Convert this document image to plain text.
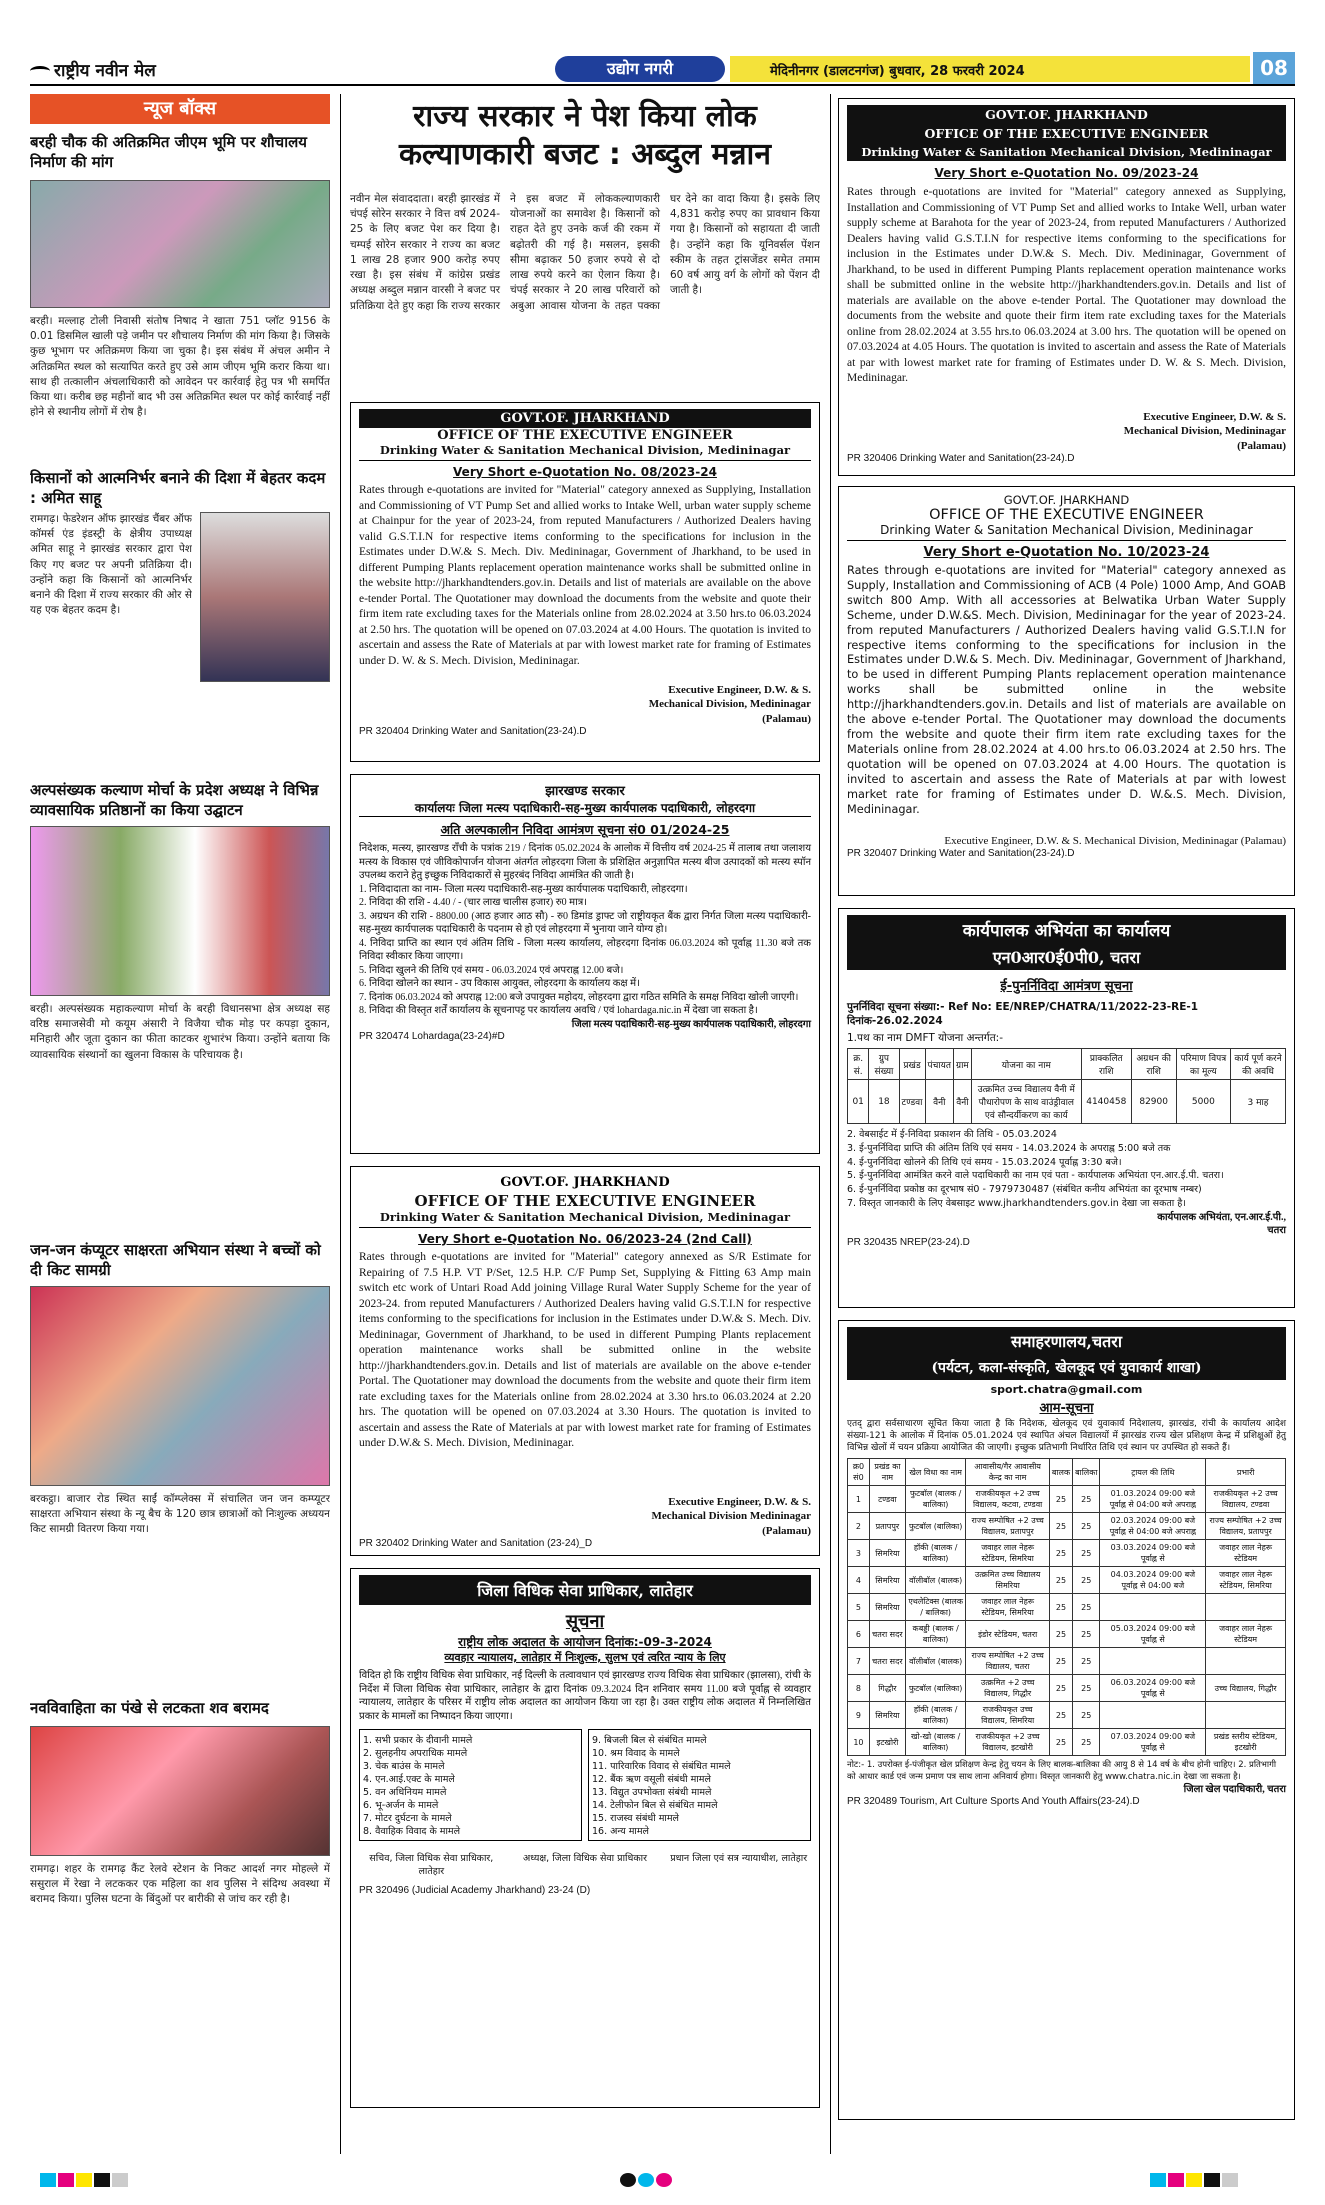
राष्ट्रीय नवीन मेल	उद्योग नगरी	मेदिनीनगर (डालटनगंज) बुधवार, 28 फरवरी 2024	08
न्यूज बॉक्स
बरही चौक की अतिक्रमित जीएम भूमि पर शौचालय निर्माण की मांग
बरही। मल्लाह टोली निवासी संतोष निषाद ने खाता 751 प्लॉट 9156 के 0.01 डिसमिल खाली पड़े जमीन पर शौचालय निर्माण की मांग किया है। जिसके कुछ भूभाग पर अतिक्रमण किया जा चुका है। इस संबंध में अंचल अमीन ने अतिक्रमित स्थल को सत्यापित करते हुए उसे आम जीएम भूमि करार किया था। साथ ही तत्कालीन अंचलाधिकारी को आवेदन पर कार्रवाई हेतु पत्र भी समर्पित किया था। करीब छह महीनों बाद भी उस अतिक्रमित स्थल पर कोई कार्रवाई नहीं होने से स्थानीय लोगों में रोष है।
किसानों को आत्मनिर्भर बनाने की दिशा में बेहतर कदम : अमित साहू
रामगढ़। फेडरेशन ऑफ झारखंड चैंबर ऑफ कॉमर्स एंड इंडस्ट्री के क्षेत्रीय उपाध्यक्ष अमित साहू ने झारखंड सरकार द्वारा पेश किए गए बजट पर अपनी प्रतिक्रिया दी। उन्होंने कहा कि किसानों को आत्मनिर्भर बनाने की दिशा में राज्य सरकार की ओर से यह एक बेहतर कदम है।
अल्पसंख्यक कल्याण मोर्चा के प्रदेश अध्यक्ष ने विभिन्न व्यावसायिक प्रतिष्ठानों का किया उद्घाटन
बरही। अल्पसंख्यक महाकल्याण मोर्चा के बरही विधानसभा क्षेत्र अध्यक्ष सह वरिष्ठ समाजसेवी मो कयूम अंसारी ने विजैया चौक मोड़ पर कपड़ा दुकान, मनिहारी और जूता दुकान का फीता काटकर शुभारंभ किया। उन्होंने बताया कि व्यावसायिक संस्थानों का खुलना विकास के परिचायक है।
जन-जन कंप्यूटर साक्षरता अभियान संस्था ने बच्चों को दी किट सामग्री
बरकट्ठा। बाजार रोड स्थित साईं कॉम्प्लेक्स में संचालित जन जन कम्प्यूटर साक्षरता अभियान संस्था के न्यू बैच के 120 छात्र छात्राओं को निःशुल्क अध्ययन किट सामग्री वितरण किया गया।
नवविवाहिता का पंखे से लटकता शव बरामद
रामगढ़। शहर के रामगढ़ कैंट रेलवे स्टेशन के निकट आदर्श नगर मोहल्ले में ससुराल में रेखा ने लटककर एक महिला का शव पुलिस ने संदिग्ध अवस्था में बरामद किया। पुलिस घटना के बिंदुओं पर बारीकी से जांच कर रही है।
राज्य सरकार ने पेश किया लोक कल्याणकारी बजट : अब्दुल मन्नान
नवीन मेल संवाददाता। बरही झारखंड में चंपई सोरेन सरकार ने वित्त वर्ष 2024-25 के लिए बजट पेश कर दिया है। चम्पई सोरेन सरकार ने राज्य का बजट 1 लाख 28 हजार 900 करोड़ रुपए रखा है। इस संबंध में कांग्रेस प्रखंड अध्यक्ष अब्दुल मन्नान वारसी ने बजट पर प्रतिक्रिया देते हुए कहा कि राज्य सरकार ने इस बजट में लोककल्याणकारी योजनाओं का समावेश है। किसानों को राहत देते हुए उनके कर्ज की रकम में बढ़ोतरी की गई है। मसलन, इसकी सीमा बढ़ाकर 50 हजार रुपये से दो लाख रुपये करने का ऐलान किया है। चंपई सरकार ने 20 लाख परिवारों को अबुआ आवास योजना के तहत पक्का घर देने का वादा किया है। इसके लिए 4,831 करोड़ रुपए का प्रावधान किया गया है। किसानों को सहायता दी जाती है। उन्होंने कहा कि यूनिवर्सल पेंशन स्कीम के तहत ट्रांसजेंडर समेत तमाम 60 वर्ष आयु वर्ग के लोगों को पेंशन दी जाती है।
GOVT.OF. JHARKHAND
OFFICE OF THE EXECUTIVE ENGINEER
Drinking Water & Sanitation Mechanical Division, Medininagar
Very Short e-Quotation No. 08/2023-24
Rates through e-quotations are invited for "Material" category annexed as Supplying, Installation and Commissioning of VT Pump Set and allied works to Intake Well, urban water supply scheme at Chainpur for the year of 2023-24, from reputed Manufacturers / Authorized Dealers having valid G.S.T.I.N for respective items conforming to the specifications for inclusion in the Estimates under D.W.& S. Mech. Div. Medininagar, Government of Jharkhand, to be used in different Pumping Plants replacement operation maintenance works shall be submitted online in the website http://jharkhandtenders.gov.in. Details and list of materials are available on the above e-tender Portal. The Quotationer may download the documents from the website and quote their firm item rate excluding taxes for the Materials online from 28.02.2024 at 3.50 hrs.to 06.03.2024 at 2.50 hrs. The quotation will be opened on 07.03.2024 at 4.00 Hours. The quotation is invited to ascertain and assess the Rate of Materials at par with lowest market rate for framing of Estimates under D. W. & S. Mech. Division, Medininagar.
Executive Engineer, D.W. & S. Mechanical Division, Medininagar (Palamau)
PR 320404 Drinking Water and Sanitation(23-24).D
झारखण्ड सरकार
कार्यालयः जिला मत्स्य पदाधिकारी-सह-मुख्य कार्यपालक पदाधिकारी, लोहरदगा
अति अल्पकालीन निविदा आमंत्रण सूचना सं0 01/2024-25
निदेशक, मत्स्य, झारखण्ड राँची के पत्रांक 219 / दिनांक 05.02.2024 के आलोक में वित्तीय वर्ष 2024-25 में तालाब तथा जलाशय मत्स्य के विकास एवं जीविकोपार्जन योजना अंतर्गत लोहरदगा जिला के प्रशिक्षित अनुज्ञापित मत्स्य बीज उत्पादकों को मत्स्य स्पॉन उपलब्ध कराने हेतु इच्छुक निविदाकारों से मुहरबंद निविदा आमंत्रित की जाती है।
1. निविदादाता का नाम- जिला मत्स्य पदाधिकारी-सह-मुख्य कार्यपालक पदाधिकारी, लोहरदगा।
2. निविदा की राशि - 4.40 / - (चार लाख चालीस हजार) रु0 मात्र।
3. अग्रधन की राशि - 8800.00 (आठ हजार आठ सौ) - रु0 डिमांड ड्राफ्ट जो राष्ट्रीयकृत बैंक द्वारा निर्गत जिला मत्स्य पदाधिकारी-सह-मुख्य कार्यपालक पदाधिकारी के पदनाम से हो एवं लोहरदगा में भुनाया जाने योग्य हो।
4. निविदा प्राप्ति का स्थान एवं अंतिम तिथि - जिला मत्स्य कार्यालय, लोहरदगा दिनांक 06.03.2024 को पूर्वाह्न 11.30 बजे तक निविदा स्वीकार किया जाएगा।
5. निविदा खुलने की तिथि एवं समय - 06.03.2024 एवं अपराह्न 12.00 बजे।
6. निविदा खोलने का स्थान - उप विकास आयुक्त, लोहरदगा के कार्यालय कक्ष में।
7. दिनांक 06.03.2024 को अपराह्न 12:00 बजे उपायुक्त महोदय, लोहरदगा द्वारा गठित समिति के समक्ष निविदा खोली जाएगी।
8. निविदा की विस्तृत शर्तें कार्यालय के सूचनापट्ट पर कार्यालय अवधि / एवं lohardaga.nic.in में देखा जा सकता है।
जिला मत्स्य पदाधिकारी-सह-मुख्य कार्यपालक पदाधिकारी, लोहरदगा
PR 320474 Lohardaga(23-24)#D
GOVT.OF. JHARKHAND
OFFICE OF THE EXECUTIVE ENGINEER
Drinking Water & Sanitation Mechanical Division, Medininagar
Very Short e-Quotation No. 06/2023-24 (2nd Call)
Rates through e-quotations are invited for "Material" category annexed as S/R Estimate for Repairing of 7.5 H.P. VT P/Set, 12.5 H.P. C/F Pump Set, Supplying & Fitting 63 Amp main switch etc work of Untari Road Add joining Village Rural Water Supply Scheme for the year of 2023-24. from reputed Manufacturers / Authorized Dealers having valid G.S.T.I.N for respective items conforming to the specifications for inclusion in the Estimates under D.W.& S. Mech. Div. Medininagar, Government of Jharkhand, to be used in different Pumping Plants replacement operation maintenance works shall be submitted online in the website http://jharkhandtenders.gov.in. Details and list of materials are available on the above e-tender Portal. The Quotationer may download the documents from the website and quote their firm item rate excluding taxes for the Materials online from 28.02.2024 at 3.30 hrs.to 06.03.2024 at 2.20 hrs. The quotation will be opened on 07.03.2024 at 3.30 Hours. The quotation is invited to ascertain and assess the Rate of Materials at par with lowest market rate for framing of Estimates under D.W.& S. Mech. Division, Medininagar.
Executive Engineer, D.W. & S. Mechanical Division Medininagar (Palamau)
PR 320402 Drinking Water and Sanitation (23-24)_D
जिला विधिक सेवा प्राधिकार, लातेहार
सूचना
राष्ट्रीय लोक अदालत के आयोजन दिनांक:-09-3-2024
व्यवहार न्यायालय, लातेहार में निःशुल्क, सुलभ एवं त्वरित न्याय के लिए
विदित हो कि राष्ट्रीय विधिक सेवा प्राधिकार, नई दिल्ली के तत्वावधान एवं झारखण्ड राज्य विधिक सेवा प्राधिकार (झालसा), रांची के निर्देश में जिला विधिक सेवा प्राधिकार, लातेहार के द्वारा दिनांक 09.3.2024 दिन शनिवार समय 11.00 बजे पूर्वाह्न से व्यवहार न्यायालय, लातेहार के परिसर में राष्ट्रीय लोक अदालत का आयोजन किया जा रहा है। उक्त राष्ट्रीय लोक अदालत में निम्नलिखित प्रकार के मामलों का निष्पादन किया जाएगा।
1. सभी प्रकार के दीवानी मामले
2. सुलहनीय अपराधिक मामले
3. चेक बाउंस के मामले
4. एन.आई.एक्ट के मामले
5. वन अधिनियम मामले
6. भू-अर्जन के मामले
7. मोटर दुर्घटना के मामले
8. वैवाहिक विवाद के मामले
9. बिजली बिल से संबंधित मामले
10. श्रम विवाद के मामले
11. पारिवारिक विवाद से संबंधित मामले
12. बैंक ऋण वसूली संबंधी मामले
13. विद्युत उपभोक्ता संबंधी मामले
14. टेलीफोन बिल से संबंधित मामले
15. राजस्व संबंधी मामले
16. अन्य मामले
सचिव, जिला विधिक सेवा प्राधिकार, लातेहार
अध्यक्ष, जिला विधिक सेवा प्राधिकार	प्रधान जिला एवं सत्र न्यायाधीश, लातेहार
PR 320496 (Judicial Academy Jharkhand) 23-24 (D)
GOVT.OF. JHARKHAND
OFFICE OF THE EXECUTIVE ENGINEER
Drinking Water & Sanitation Mechanical Division, Medininagar
Very Short e-Quotation No. 09/2023-24
Rates through e-quotations are invited for "Material" category annexed as Supplying, Installation and Commissioning of VT Pump Set and allied works to Intake Well, urban water supply scheme at Barahota for the year of 2023-24, from reputed Manufacturers / Authorized Dealers having valid G.S.T.I.N for respective items conforming to the specifications for inclusion in the Estimates under D.W.& S. Mech. Div. Medininagar, Government of Jharkhand, to be used in different Pumping Plants replacement operation maintenance works shall be submitted online in the website http://jharkhandtenders.gov.in. Details and list of materials are available on the above e-tender Portal. The Quotationer may download the documents from the website and quote their firm item rate excluding taxes for the Materials online from 28.02.2024 at 3.55 hrs.to 06.03.2024 at 3.00 hrs. The quotation will be opened on 07.03.2024 at 4.05 Hours. The quotation is invited to ascertain and assess the Rate of Materials at par with lowest market rate for framing of Estimates under D. W. & S. Mech. Division, Medininagar.
Executive Engineer, D.W. & S. Mechanical Division, Medininagar (Palamau)
PR 320406 Drinking Water and Sanitation(23-24).D
GOVT.OF. JHARKHAND
OFFICE OF THE EXECUTIVE ENGINEER
Drinking Water & Sanitation Mechanical Division, Medininagar
Very Short e-Quotation No. 10/2023-24
Rates through e-quotations are invited for "Material" category annexed as Supply, Installation and Commissioning of ACB (4 Pole) 1000 Amp, And GOAB switch 800 Amp. With all accessories at Belwatika Urban Water Supply Scheme, under D.W.&S. Mech. Division, Medininagar for the year of 2023-24. from reputed Manufacturers / Authorized Dealers having valid G.S.T.I.N for respective items conforming to the specifications for inclusion in the Estimates under D.W.& S. Mech. Div. Medininagar, Government of Jharkhand, to be used in different Pumping Plants replacement operation maintenance works shall be submitted online in the website http://jharkhandtenders.gov.in. Details and list of materials are available on the above e-tender Portal. The Quotationer may download the documents from the website and quote their firm item rate excluding taxes for the Materials online from 28.02.2024 at 4.00 hrs.to 06.03.2024 at 2.50 hrs. The quotation will be opened on 07.03.2024 at 4.00 Hours. The quotation is invited to ascertain and assess the Rate of Materials at par with lowest market rate for framing of Estimates under D. W.&.S. Mech. Division, Medininagar.
Executive Engineer, D.W. & S. Mechanical Division, Medininagar (Palamau)
PR 320407 Drinking Water and Sanitation(23-24).D
कार्यपालक अभियंता का कार्यालय
एन0आर0ई0पी0, चतरा
ई-पुनर्निविदा आमंत्रण सूचना
पुनर्निविदा सूचना संख्या:- Ref No: EE/NREP/CHATRA/11/2022-23-RE-1 दिनांक-26.02.2024
1.पथ का नाम DMFT योजना अन्तर्गत:-
क्र. सं.	ग्रुप संख्या	प्रखंड	पंचायत	ग्राम	योजना का नाम	प्राक्कलित राशि	अग्रधन की राशि	परिमाण विपत्र का मूल्य	कार्य पूर्ण करने की अवधि
01	18	टण्डवा	वैनी	वैनी	उत्क्रमित उच्च विद्यालय वैनी में पौधारोपण के साथ वाउंड्रीवाल एवं सौन्दर्यीकरण का कार्य	4140458	82900	5000	3 माह
2. वेबसाईट में ई-निविदा प्रकाशन की तिथि - 05.03.2024
3. ई-पुनर्निविदा प्राप्ति की अंतिम तिथि एवं समय - 14.03.2024 के अपराह्न 5:00 बजे तक
4. ई-पुनर्निविदा खोलने की तिथि एवं समय - 15.03.2024 पूर्वाह्न 3:30 बजे।
5. ई-पुनर्निविदा आमंत्रित करने वाले पदाधिकारी का नाम एवं पता - कार्यपालक अभियंता एन.आर.ई.पी. चतरा।
6. ई-पुनर्निविदा प्रकोष्ठ का दूरभाष सं0 - 7979730487 (संबंधित कनीय अभियंता का दूरभाष नम्बर)
7. विस्तृत जानकारी के लिए वेबसाइट www.jharkhandtenders.gov.in देखा जा सकता है।
कार्यपालक अभियंता, एन.आर.ई.पी., चतरा
PR 320435 NREP(23-24).D
समाहरणालय,चतरा
(पर्यटन, कला-संस्कृति, खेलकूद एवं युवाकार्य शाखा)
sport.chatra@gmail.com
आम-सूचना
एतद् द्वारा सर्वसाधारण सूचित किया जाता है कि निदेशक, खेलकूद एवं युवाकार्य निदेशालय, झारखंड, रांची के कार्यालय आदेश संख्या-121 के आलोक में दिनांक 05.01.2024 एवं स्थापित अंचल विद्यालयों में झारखंड राज्य खेल प्रशिक्षण केन्द्र में प्रशिक्षुओं हेतु विभिन्न खेलों में चयन प्रक्रिया आयोजित की जाएगी। इच्छुक प्रतिभागी निर्धारित तिथि एवं स्थान पर उपस्थित हो सकते हैं।
क्र0 सं0	प्रखंड का नाम	खेल विधा का नाम	आवासीय/गैर आवासीय केन्द्र का नाम	बालक	बालिका	ट्रायल की तिथि	प्रभारी
1	टण्डवा	फुटबॉल (बालक / बालिका)	राजकीयकृत +2 उच्च विद्यालय, कटवा, टण्डवा	25	25	01.03.2024 09:00 बजे पूर्वाह्न से 04:00 बजे अपराह्न	राजकीयकृत +2 उच्च विद्यालय, टण्डवा
2	प्रतापपुर	फुटबॉल (बालिका)	राज्य सम्पोषित +2 उच्च विद्यालय, प्रतापपुर	25	25	02.03.2024 09:00 बजे पूर्वाह्न से 04:00 बजे अपराह्न	राज्य सम्पोषित +2 उच्च विद्यालय, प्रतापपुर
3	सिमरिया	हॉकी (बालक / बालिका)	जवाहर लाल नेहरू स्टेडियम, सिमरिया	25	25	03.03.2024 09:00 बजे पूर्वाह्न से	जवाहर लाल नेहरू स्टेडियम
4	सिमरिया	वॉलीबॉल (बालक)	उत्क्रमित उच्च विद्यालय सिमरिया	25	25	04.03.2024 09:00 बजे पूर्वाह्न से 04:00 बजे	जवाहर लाल नेहरू स्टेडियम, सिमरिया
5	सिमरिया	एथलेटिक्स (बालक / बालिका)	जवाहर लाल नेहरू स्टेडियम, सिमरिया	25	25		
6	चतरा सदर	कबड्डी (बालक / बालिका)	इंडोर स्टेडियम, चतरा	25	25	05.03.2024 09:00 बजे पूर्वाह्न से	जवाहर लाल नेहरू स्टेडियम
7	चतरा सदर	वॉलीबॉल (बालक)	राज्य सम्पोषित +2 उच्च विद्यालय, चतरा	25	25		
8	गिद्धौर	फुटबॉल (बालिका)	उत्क्रमित +2 उच्च विद्यालय, गिद्धौर	25	25	06.03.2024 09:00 बजे पूर्वाह्न से	उच्च विद्यालय, गिद्धौर
9	सिमरिया	हॉकी (बालक / बालिका)	राजकीयकृत उच्च विद्यालय, सिमरिया	25	25		
10	इटखोरी	खो-खो (बालक / बालिका)	राजकीयकृत +2 उच्च विद्यालय, इटखोरी	25	25	07.03.2024 09:00 बजे पूर्वाह्न से	प्रखंड स्तरीय स्टेडियम, इटखोरी
नोट:- 1. उपरोक्त ई-पंजीकृत खेल प्रशिक्षण केन्द्र हेतु चयन के लिए बालक-बालिका की आयु 8 से 14 वर्ष के बीच होनी चाहिए। 2. प्रतिभागी को आधार कार्ड एवं जन्म प्रमाण पत्र साथ लाना अनिवार्य होगा। विस्तृत जानकारी हेतु www.chatra.nic.in देखा जा सकता है।
जिला खेल पदाधिकारी, चतरा
PR 320489 Tourism, Art Culture Sports And Youth Affairs(23-24).D
